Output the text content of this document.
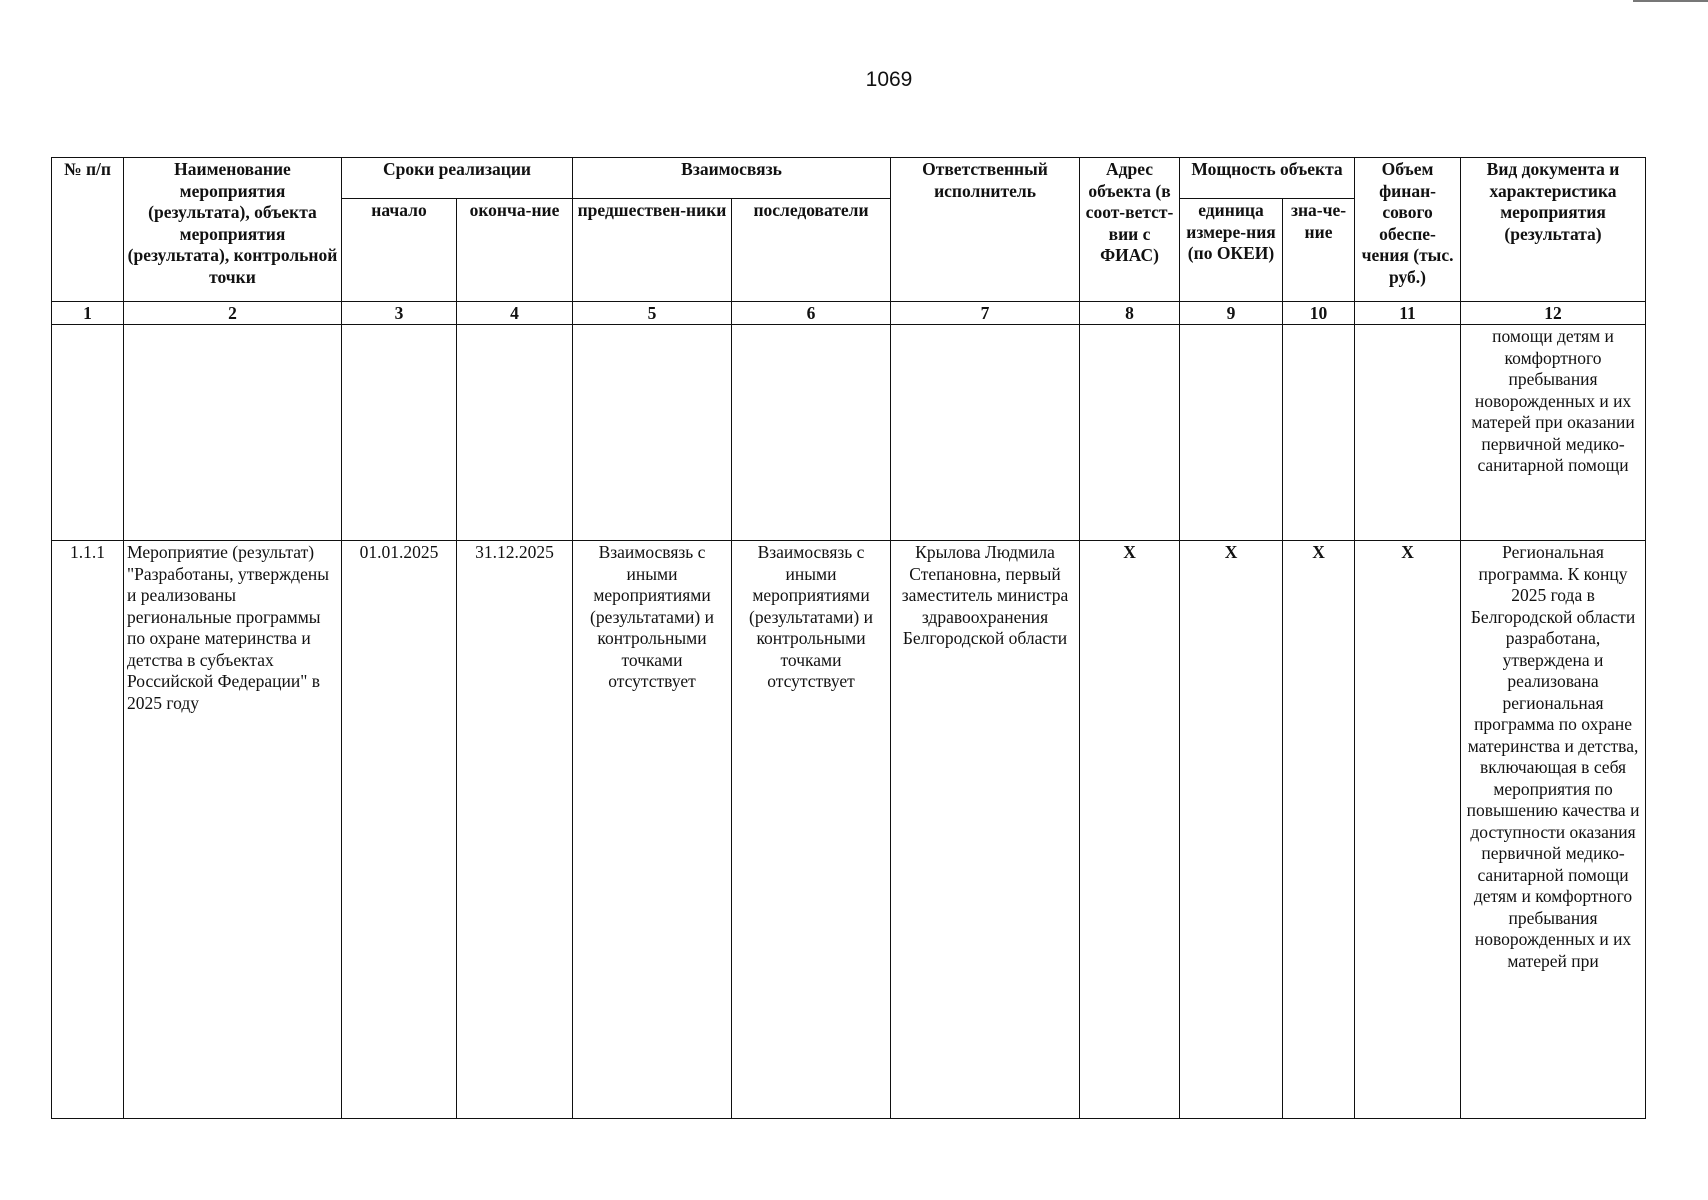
1069
№ п/п	Наименование мероприятия (результата), объекта мероприятия (результата), контрольной точки	Сроки реализации		Взаимосвязь		Ответственный исполнитель	Адрес объекта (в соот-ветст-вии с ФИАС)	Мощность объекта		Объем финан-сового обеспе-чения (тыс. руб.)	Вид документа и характеристика мероприятия (результата)
		начало	оконча-ние	предшествен-ники	последователи			единица измере-ния (по ОКЕИ)	зна-че-ние		
1	2	3	4	5	6	7	8	9	10	11	12
											помощи детям и комфортного пребывания новорожденных и их матерей при оказании первичной медико-санитарной помощи
1.1.1	Мероприятие (результат) "Разработаны, утверждены и реализованы региональные программы по охране материнства и детства в субъектах Российской Федерации" в 2025 году	01.01.2025	31.12.2025	Взаимосвязь с иными мероприятиями (результатами) и контрольными точками отсутствует	Взаимосвязь с иными мероприятиями (результатами) и контрольными точками отсутствует	Крылова Людмила Степановна, первый заместитель министра здравоохранения Белгородской области	X	X	X	X	Региональная программа. К концу 2025 года в Белгородской области разработана, утверждена и реализована региональная программа по охране материнства и детства, включающая в себя мероприятия по повышению качества и доступности оказания первичной медико-санитарной помощи детям и комфортного пребывания новорожденных и их матерей при
